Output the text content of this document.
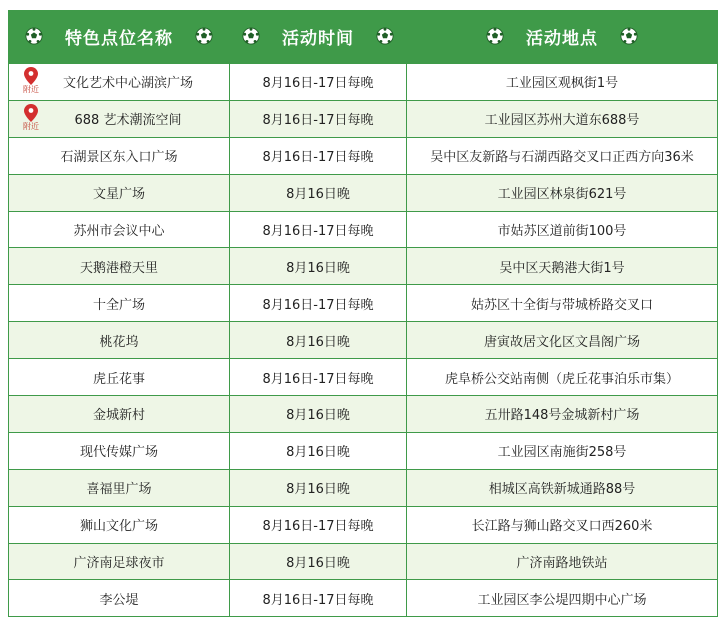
特色点位名称	活动时间	活动地点

附近 文化艺术中心湖滨广场	8月16日-17日每晚	工业园区观枫街1号

附近 688 艺术潮流空间	8月16日-17日每晚	工业园区苏州大道东688号
石湖景区东入口广场	8月16日-17日每晚	吴中区友新路与石湖西路交叉口正西方向36米
文星广场	8月16日晚	工业园区林泉街621号
苏州市会议中心	8月16日-17日每晚	市姑苏区道前街100号
天鹅港橙天里	8月16日晚	吴中区天鹅港大街1号
十全广场	8月16日-17日每晚	姑苏区十全街与带城桥路交叉口
桃花坞	8月16日晚	唐寅故居文化区文昌阁广场
虎丘花事	8月16日-17日每晚	虎阜桥公交站南侧（虎丘花事泊乐市集）
金城新村	8月16日晚	五卅路148号金城新村广场
现代传媒广场	8月16日晚	工业园区南施街258号
喜福里广场	8月16日晚	相城区高铁新城通路88号
狮山文化广场	8月16日-17日每晚	长江路与狮山路交叉口西260米
广济南足球夜市	8月16日晚	广济南路地铁站
李公堤	8月16日-17日每晚	工业园区李公堤四期中心广场
